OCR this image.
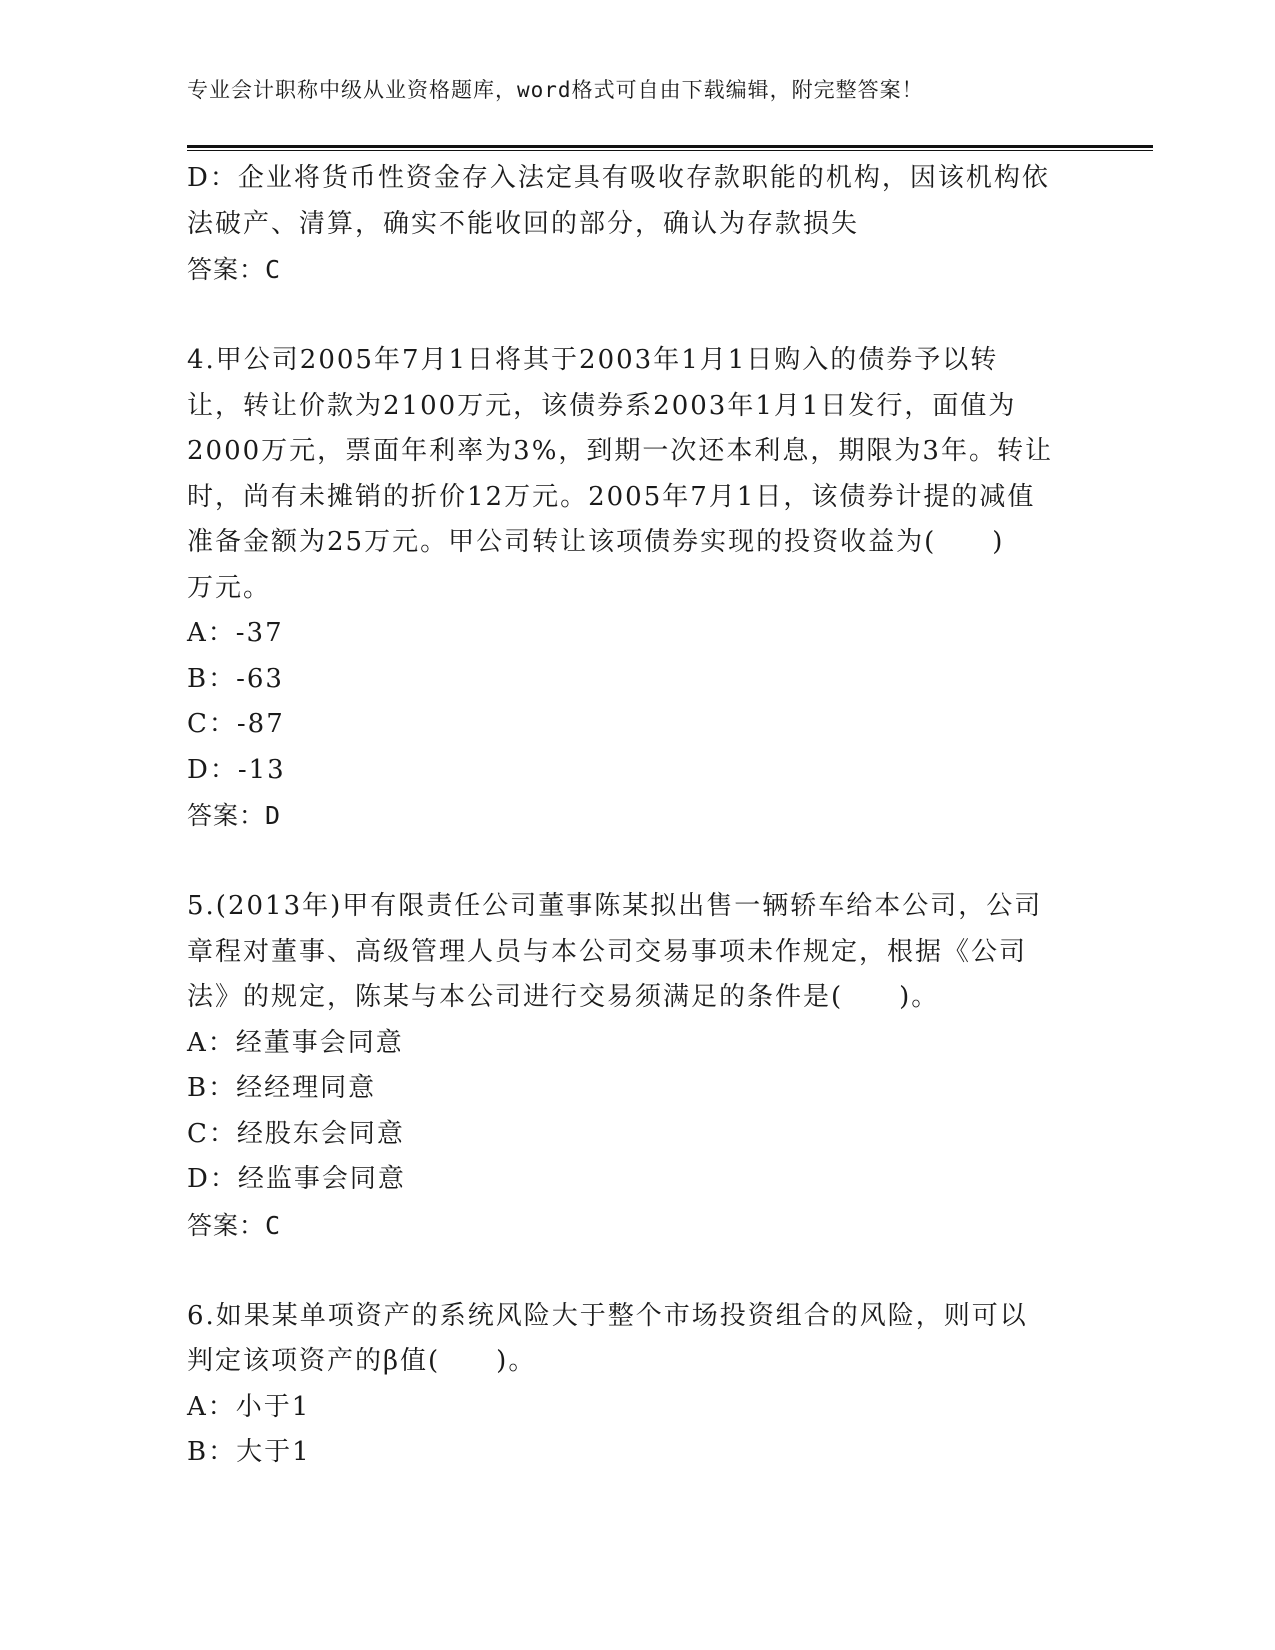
专业会计职称中级从业资格题库，word格式可自由下载编辑，附完整答案！
D：企业将货币性资金存入法定具有吸收存款职能的机构，因该机构依
法破产、清算，确实不能收回的部分，确认为存款损失
答案：C
4.甲公司2005年7月1日将其于2003年1月1日购入的债券予以转
让，转让价款为2100万元，该债券系2003年1月1日发行，面值为
2000万元，票面年利率为3%，到期一次还本利息，期限为3年。转让
时，尚有未摊销的折价12万元。2005年7月1日，该债券计提的减值
准备金额为25万元。甲公司转让该项债券实现的投资收益为(　　)
万元。
A：-37
B：-63
C：-87
D：-13
答案：D
5.(2013年)甲有限责任公司董事陈某拟出售一辆轿车给本公司，公司
章程对董事、高级管理人员与本公司交易事项未作规定，根据《公司
法》的规定，陈某与本公司进行交易须满足的条件是(　　)。
A：经董事会同意
B：经经理同意
C：经股东会同意
D：经监事会同意
答案：C
6.如果某单项资产的系统风险大于整个市场投资组合的风险，则可以
判定该项资产的β值(　　)。
A：小于1
B：大于1
